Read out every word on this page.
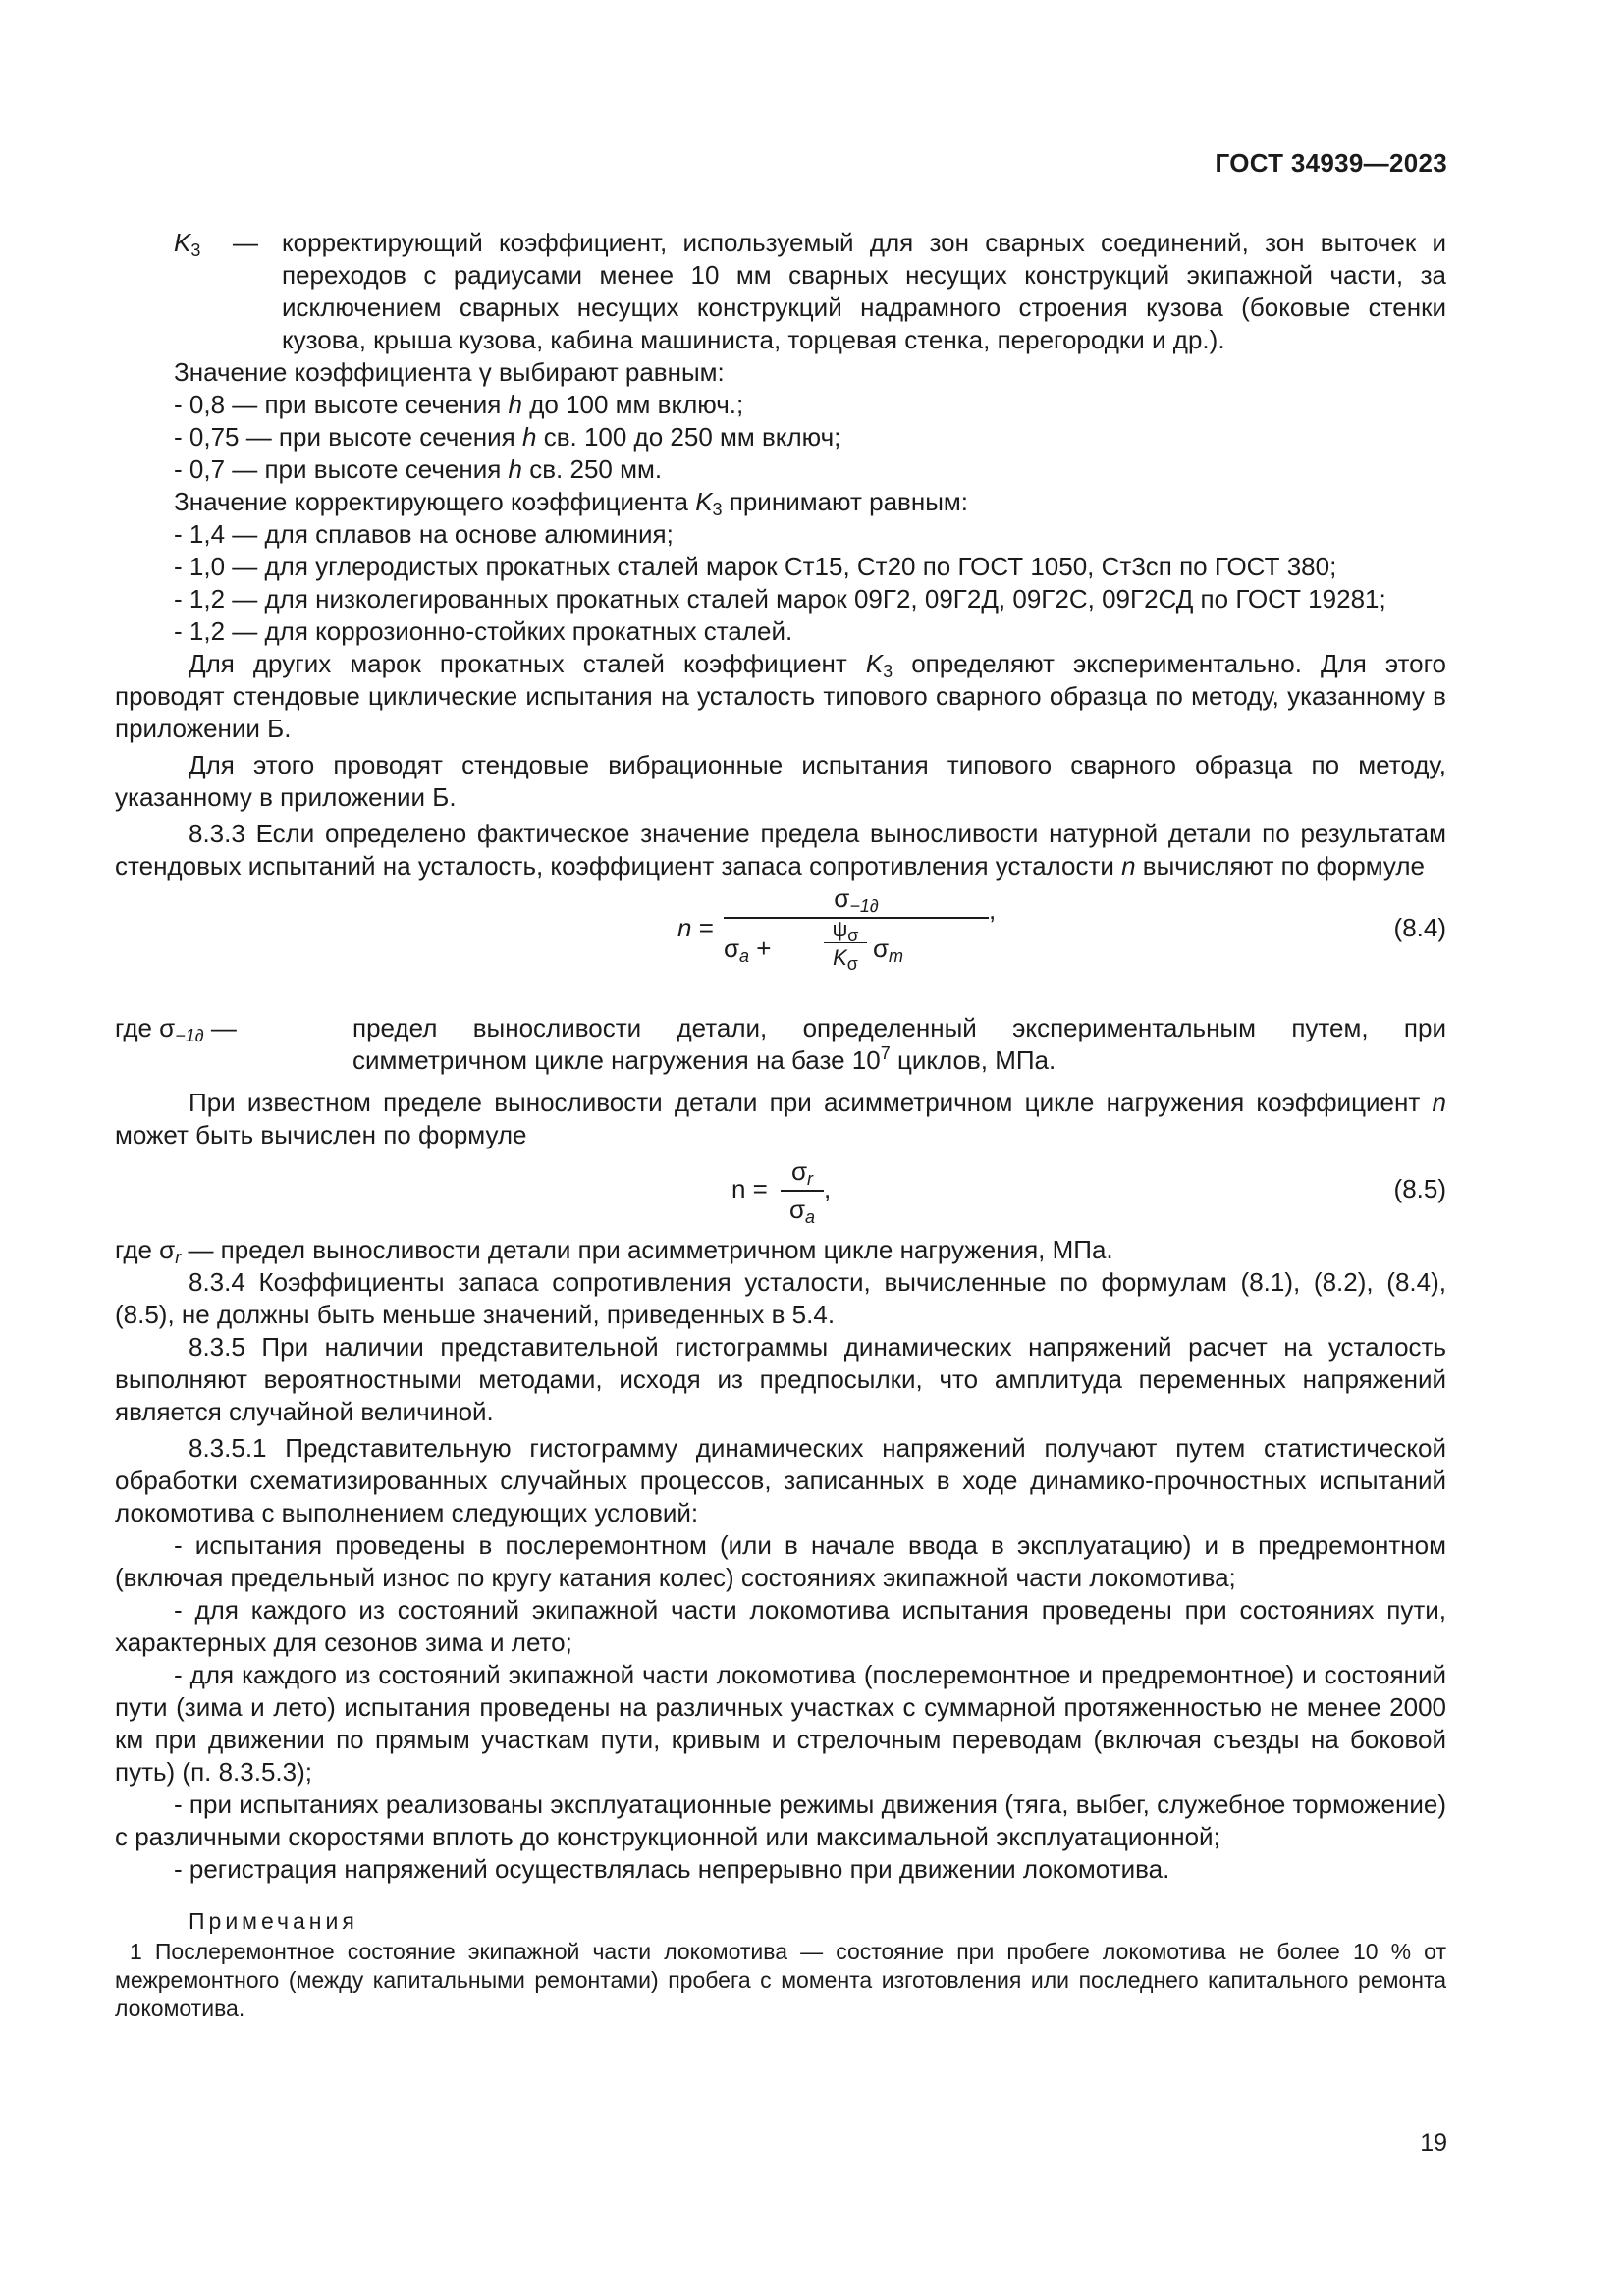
ГОСТ 34939—2023
$K_3$	— корректирующий коэффициент, используемый для зон сварных соединений, зон выточек и переходов с радиусами менее 10 мм сварных несущих конструкций экипажной части, за исключением сварных несущих конструкций надрамного строения кузова (боковые стенки кузова, крыша кузова, кабина машиниста, торцевая стенка, перегородки и др.).

Значение коэффициента γ выбирают равным:

- 0,8 — при высоте сечения h до 100 мм включ.;

- 0,75 — при высоте сечения h св. 100 до 250 мм включ;

- 0,7 — при высоте сечения h св. 250 мм.

Значение корректирующего коэффициента $K_3$ принимают равным:

- 1,4 — для сплавов на основе алюминия;

- 1,0 — для углеродистых прокатных сталей марок Ст15, Ст20 по ГОСТ 1050, Ст3сп по ГОСТ 380;

- 1,2 — для низколегированных прокатных сталей марок 09Г2, 09Г2Д, 09Г2С, 09Г2СД по ГОСТ 19281;

- 1,2 — для коррозионно-стойких прокатных сталей.

Для других марок прокатных сталей коэффициент $K_3$ определяют экспериментально. Для этого проводят стендовые циклические испытания на усталость типового сварного образца по методу, указанному в приложении Б.

Для этого проводят стендовые вибрационные испытания типового сварного образца по методу, указанному в приложении Б.

8.3.3 Если определено фактическое значение предела выносливости натурной детали по результатам стендовых испытаний на усталость, коэффициент запаса сопротивления усталости n вычисляют по формуле

n =
$\sigma_{-1\partial}$
$\sigma_a$ +
$\psi_\sigma$
$K_\sigma$
$\sigma_m$
,
(8.4)
где $\sigma_{-1\partial}$ —	предел выносливости детали, определенный экспериментальным путем, при симметричном цикле нагружения на базе $10^7$ циклов, МПа.

При известном пределе выносливости детали при асимметричном цикле нагружения коэффициент n может быть вычислен по формуле

n =
$\sigma_r$
$\sigma_a$
,	(8.5)

где $\sigma_r$ — предел выносливости детали при асимметричном цикле нагружения, МПа.

8.3.4 Коэффициенты запаса сопротивления усталости, вычисленные по формулам (8.1), (8.2), (8.4), (8.5), не должны быть меньше значений, приведенных в 5.4.

8.3.5 При наличии представительной гистограммы динамических напряжений расчет на усталость выполняют вероятностными методами, исходя из предпосылки, что амплитуда переменных напряжений является случайной величиной.

8.3.5.1 Представительную гистограмму динамических напряжений получают путем статистической обработки схематизированных случайных процессов, записанных в ходе динамико-прочностных испытаний локомотива с выполнением следующих условий:

- испытания проведены в послеремонтном (или в начале ввода в эксплуатацию) и в предремонтном (включая предельный износ по кругу катания колес) состояниях экипажной части локомотива;

- для каждого из состояний экипажной части локомотива испытания проведены при состояниях пути, характерных для сезонов зима и лето;

- для каждого из состояний экипажной части локомотива (послеремонтное и предремонтное) и состояний пути (зима и лето) испытания проведены на различных участках с суммарной протяженностью не менее 2000 км при движении по прямым участкам пути, кривым и стрелочным переводам (включая съезды на боковой путь) (п. 8.3.5.3);

- при испытаниях реализованы эксплуатационные режимы движения (тяга, выбег, служебное торможение) с различными скоростями вплоть до конструкционной или максимальной эксплуатационной;

- регистрация напряжений осуществлялась непрерывно при движении локомотива.

Примечания

1 Послеремонтное состояние экипажной части локомотива — состояние при пробеге локомотива не более 10 % от межремонтного (между капитальными ремонтами) пробега с момента изготовления или последнего капитального ремонта локомотива.

19
